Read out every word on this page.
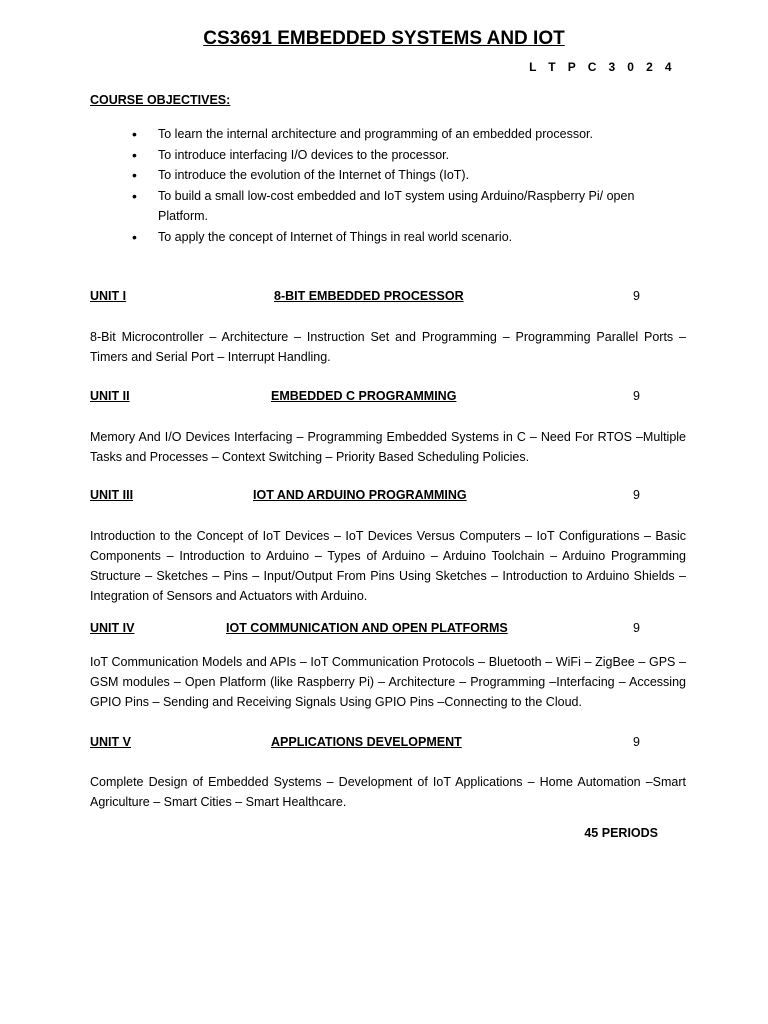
CS3691 EMBEDDED SYSTEMS AND IOT
L T P C 3 0 2 4
COURSE OBJECTIVES:
• To learn the internal architecture and programming of an embedded processor.
• To introduce interfacing I/O devices to the processor.
• To introduce the evolution of the Internet of Things (IoT).
• To build a small low-cost embedded and IoT system using Arduino/Raspberry Pi/ open Platform.
• To apply the concept of Internet of Things in real world scenario.
UNIT I	8-BIT EMBEDDED PROCESSOR	9
8-Bit Microcontroller – Architecture – Instruction Set and Programming – Programming Parallel Ports – Timers and Serial Port – Interrupt Handling.
UNIT II	EMBEDDED C PROGRAMMING	9
Memory And I/O Devices Interfacing – Programming Embedded Systems in C – Need For RTOS –Multiple Tasks and Processes – Context Switching – Priority Based Scheduling Policies.
UNIT III	IOT AND ARDUINO PROGRAMMING	9
Introduction to the Concept of IoT Devices – IoT Devices Versus Computers – IoT Configurations – Basic Components – Introduction to Arduino – Types of Arduino – Arduino Toolchain – Arduino Programming Structure – Sketches – Pins – Input/Output From Pins Using Sketches – Introduction to Arduino Shields – Integration of Sensors and Actuators with Arduino.
UNIT IV	IOT COMMUNICATION AND OPEN PLATFORMS	9
IoT Communication Models and APIs – IoT Communication Protocols – Bluetooth – WiFi – ZigBee – GPS – GSM modules – Open Platform (like Raspberry Pi) – Architecture – Programming –Interfacing – Accessing GPIO Pins – Sending and Receiving Signals Using GPIO Pins –Connecting to the Cloud.
UNIT V	APPLICATIONS DEVELOPMENT	9
Complete Design of Embedded Systems – Development of IoT Applications – Home Automation –Smart Agriculture – Smart Cities – Smart Healthcare.
45 PERIODS
